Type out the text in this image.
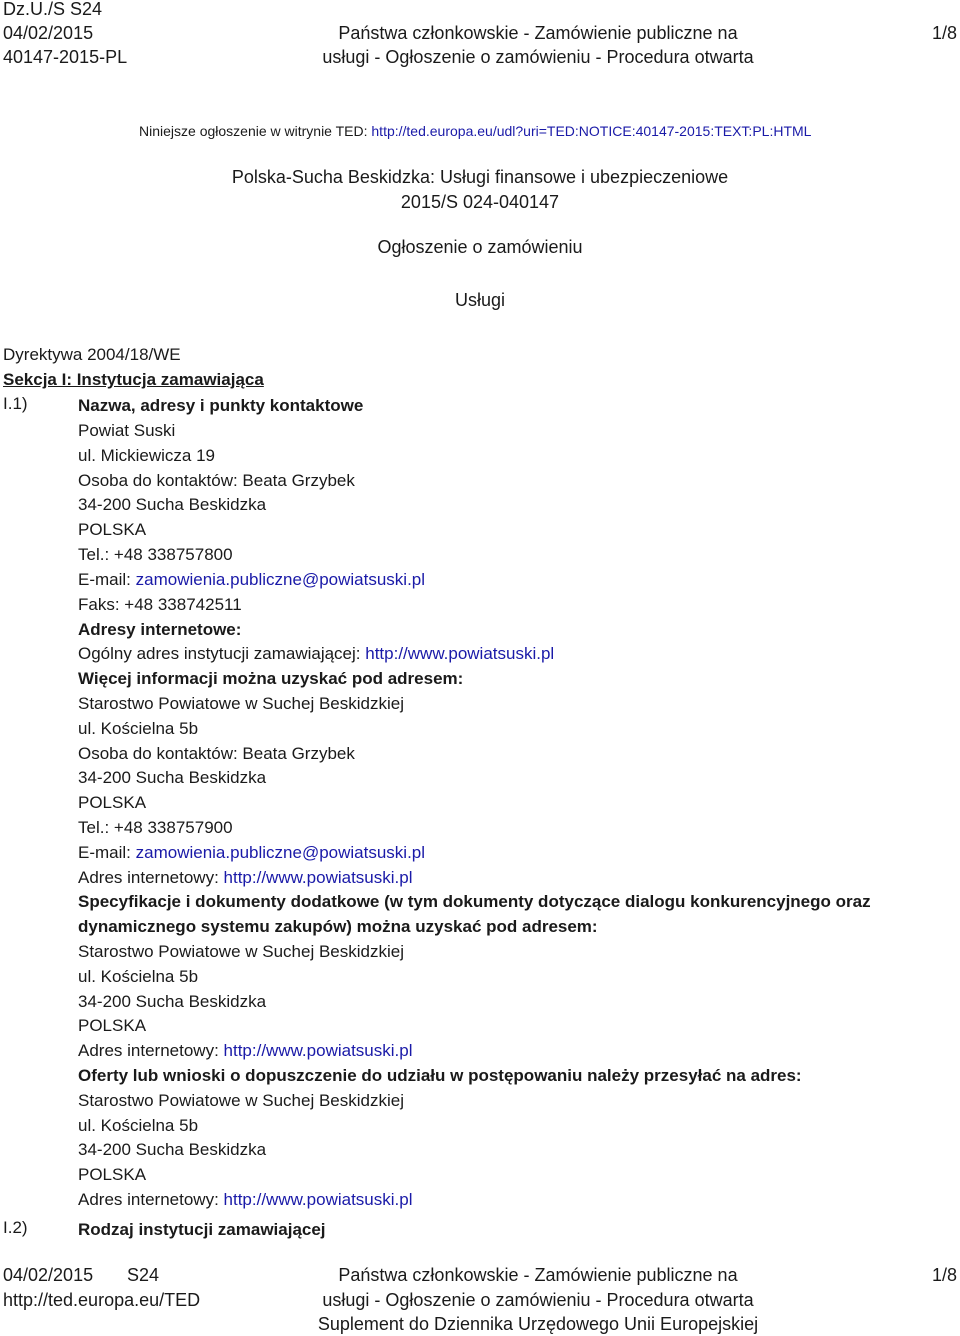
Dz.U./S S24
04/02/2015
40147-2015-PL
Państwa członkowskie - Zamówienie publiczne na
usługi - Ogłoszenie o zamówieniu - Procedura otwarta
1/8
Niniejsze ogłoszenie w witrynie TED: http://ted.europa.eu/udl?uri=TED:NOTICE:40147-2015:TEXT:PL:HTML
Polska-Sucha Beskidzka: Usługi finansowe i ubezpieczeniowe
2015/S 024-040147
Ogłoszenie o zamówieniu
Usługi
Dyrektywa 2004/18/WE
Sekcja I: Instytucja zamawiająca
I.1)	Nazwa, adresy i punkty kontaktowe
Powiat Suski
ul. Mickiewicza 19
Osoba do kontaktów: Beata Grzybek
34-200 Sucha Beskidzka
POLSKA
Tel.: +48 338757800
E-mail: zamowienia.publiczne@powiatsuski.pl
Faks: +48 338742511
Adresy internetowe:
Ogólny adres instytucji zamawiającej: http://www.powiatsuski.pl
Więcej informacji można uzyskać pod adresem:
Starostwo Powiatowe w Suchej Beskidzkiej
ul. Kościelna 5b
Osoba do kontaktów: Beata Grzybek
34-200 Sucha Beskidzka
POLSKA
Tel.: +48 338757900
E-mail: zamowienia.publiczne@powiatsuski.pl
Adres internetowy: http://www.powiatsuski.pl
Specyfikacje i dokumenty dodatkowe (w tym dokumenty dotyczące dialogu konkurencyjnego oraz
dynamicznego systemu zakupów) można uzyskać pod adresem:
Starostwo Powiatowe w Suchej Beskidzkiej
ul. Kościelna 5b
34-200 Sucha Beskidzka
POLSKA
Adres internetowy: http://www.powiatsuski.pl
Oferty lub wnioski o dopuszczenie do udziału w postępowaniu należy przesyłać na adres:
Starostwo Powiatowe w Suchej Beskidzkiej
ul. Kościelna 5b
34-200 Sucha Beskidzka
POLSKA
Adres internetowy: http://www.powiatsuski.pl
I.2)	Rodzaj instytucji zamawiającej
04/02/2015 S24
http://ted.europa.eu/TED
Państwa członkowskie - Zamówienie publiczne na
usługi - Ogłoszenie o zamówieniu - Procedura otwarta
Suplement do Dziennika Urzędowego Unii Europejskiej
1/8
